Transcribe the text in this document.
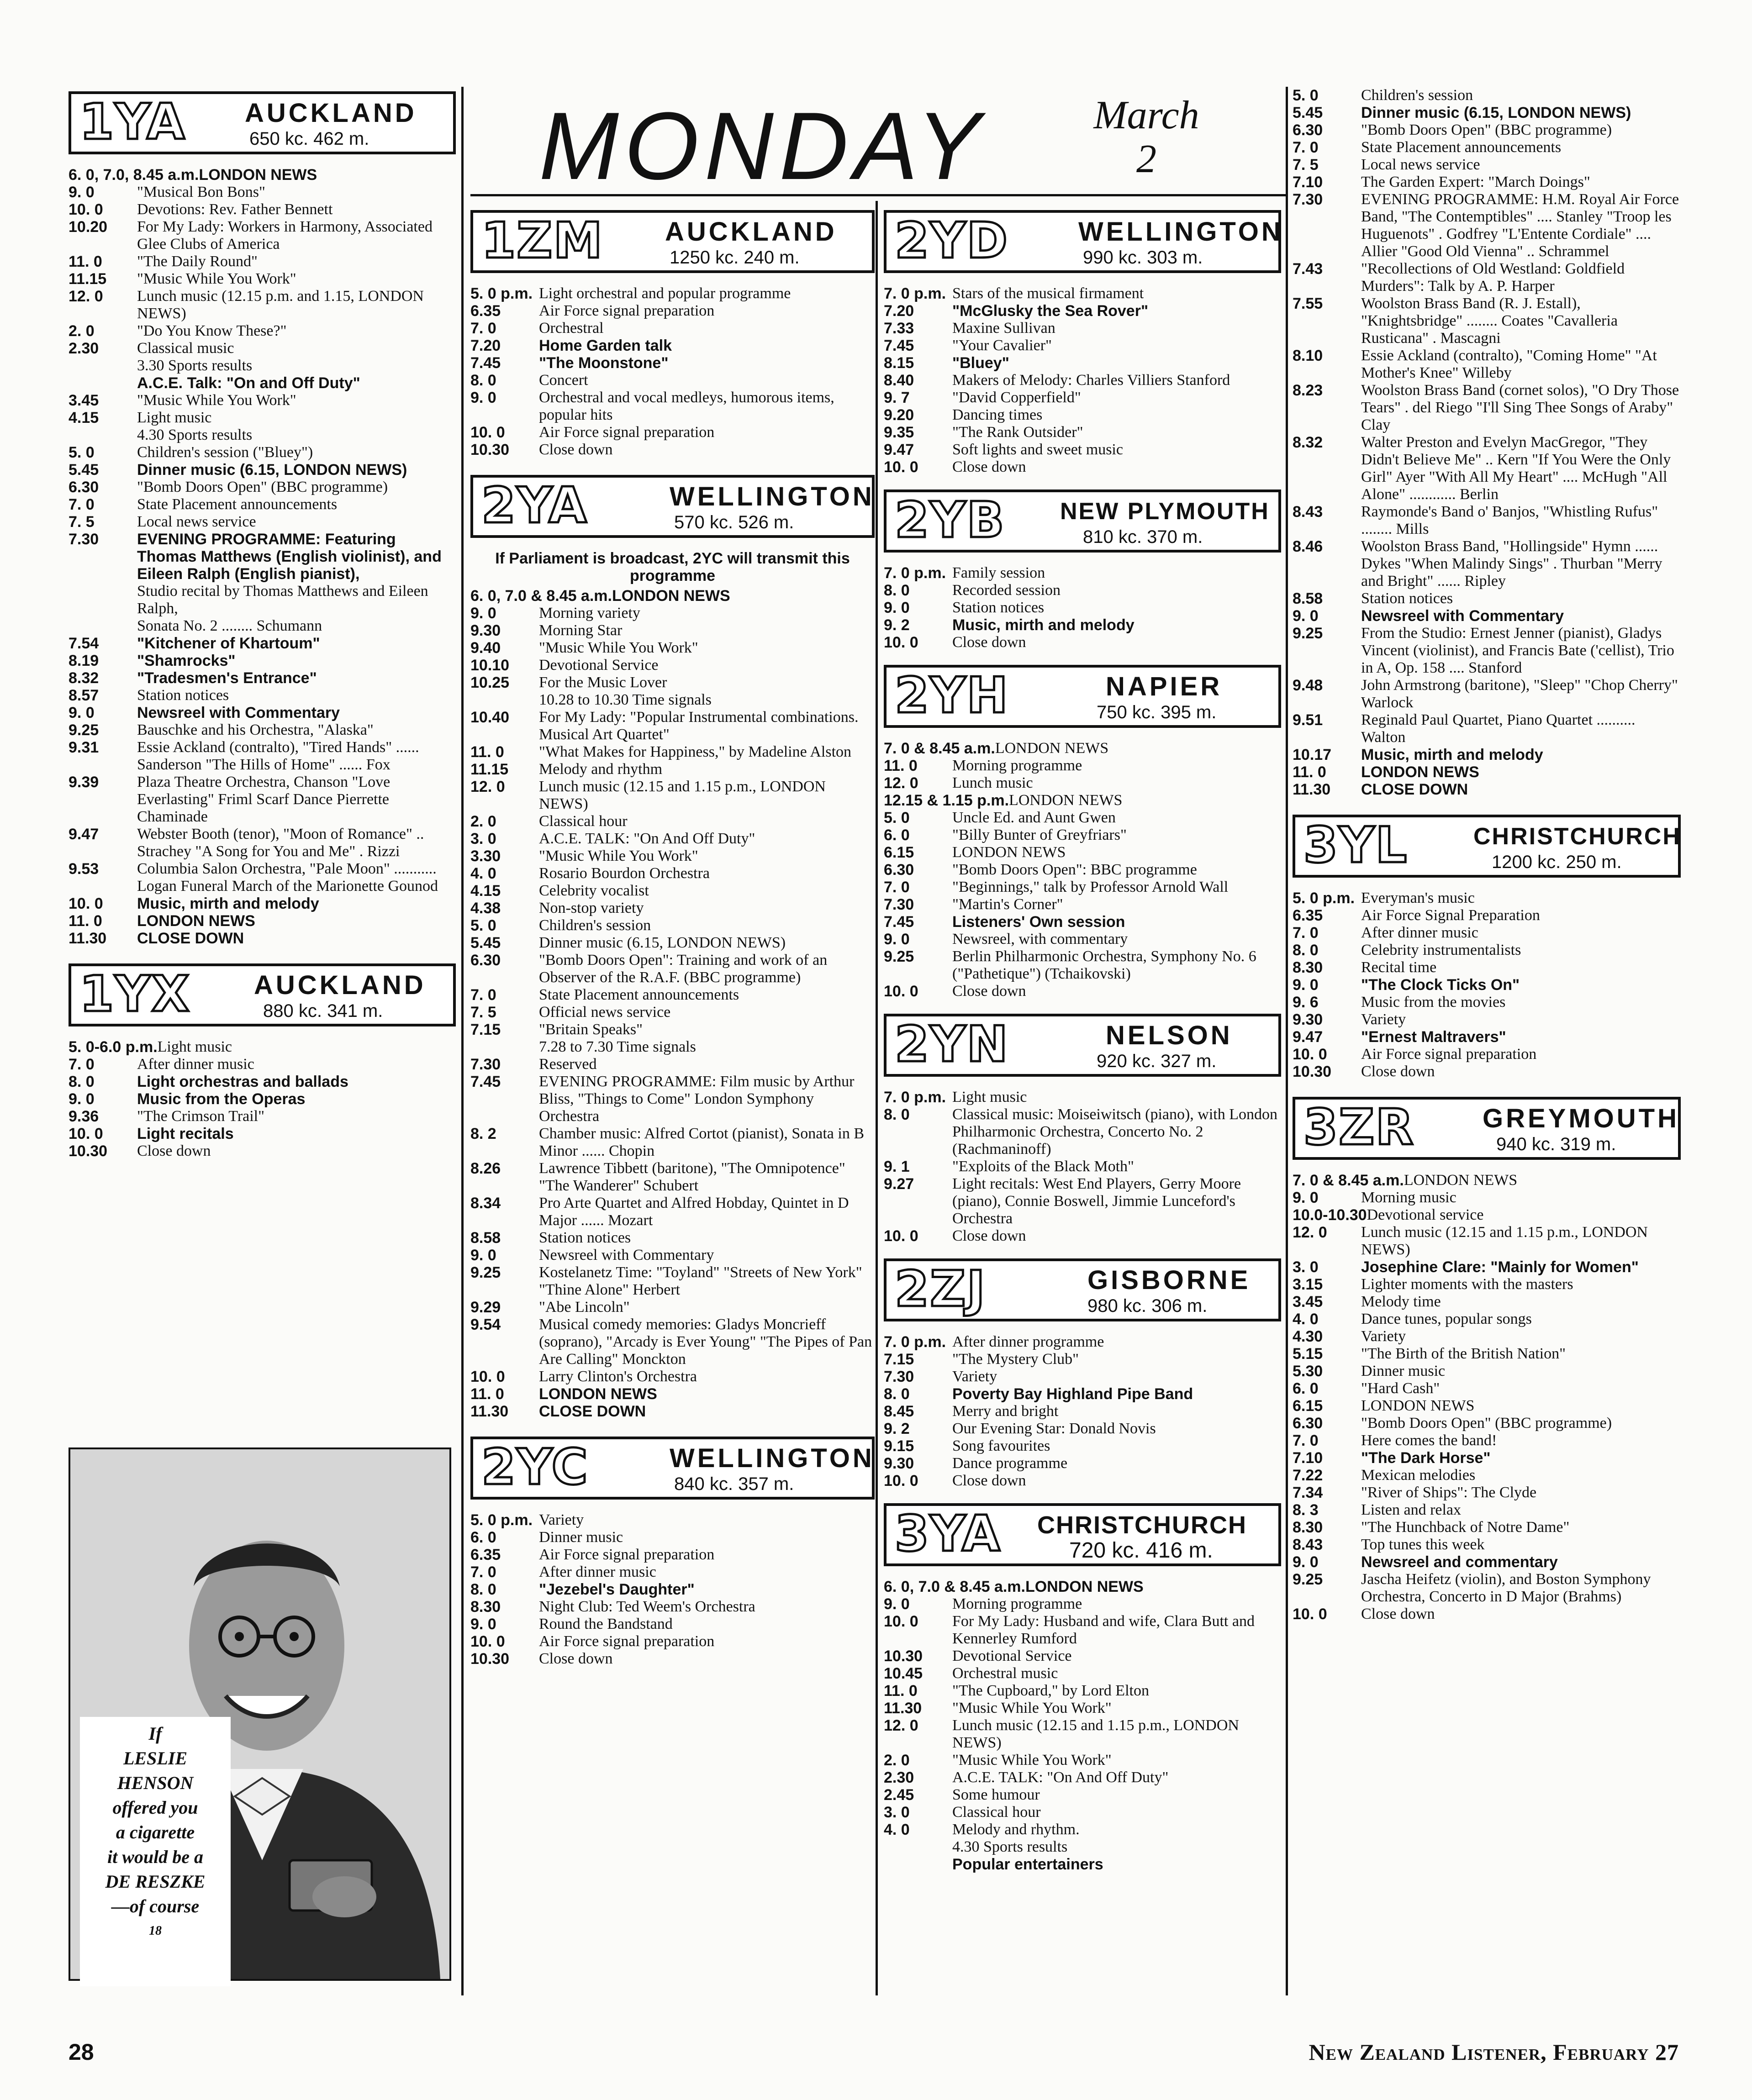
MONDAY	March
2
1YA AUCKLAND
650 kc. 462 m.
6. 0, 7.0, 8.45 a.m. LONDON NEWS
9. 0	"Musical Bon Bons"
10. 0	Devotions: Rev. Father Bennett
10.20	For My Lady: Workers in Harmony, Associated Glee Clubs of America
11. 0	"The Daily Round"
11.15	"Music While You Work"
12. 0	Lunch music (12.15 p.m. and 1.15, LONDON NEWS)
2. 0	"Do You Know These?"
2.30	Classical music
3.30 Sports results
A.C.E. Talk: "On and Off Duty"
3.45	"Music While You Work"
4.15	Light music
4.30 Sports results
5. 0	Children's session ("Bluey")
5.45	Dinner music (6.15, LONDON NEWS)
6.30	"Bomb Doors Open" (BBC programme)
7. 0	State Placement announcements
7. 5	Local news service
7.30	EVENING PROGRAMME: Featuring Thomas Matthews (English violinist), and Eileen Ralph (English pianist),
Studio recital by Thomas Matthews and Eileen Ralph,
Sonata No. 2 ........ Schumann
7.54	"Kitchener of Khartoum"
8.19	"Shamrocks"
8.32	"Tradesmen's Entrance"
8.57	Station notices
9. 0	Newsreel with Commentary
9.25	Bauschke and his Orchestra, "Alaska"
9.31	Essie Ackland (contralto), "Tired Hands" ...... Sanderson "The Hills of Home" ...... Fox
9.39	Plaza Theatre Orchestra, Chanson "Love Everlasting" Friml Scarf Dance Pierrette Chaminade
9.47	Webster Booth (tenor), "Moon of Romance" .. Strachey "A Song for You and Me" . Rizzi
9.53	Columbia Salon Orchestra, "Pale Moon" ........... Logan Funeral March of the Marionette Gounod
10. 0	Music, mirth and melody
11. 0	LONDON NEWS
11.30	CLOSE DOWN
1YX AUCKLAND
880 kc. 341 m.
5. 0-6.0 p.m. Light music
7. 0	After dinner music
8. 0	Light orchestras and ballads
9. 0	Music from the Operas
9.36	"The Crimson Trail"
10. 0	Light recitals
10.30	Close down
If
LESLIE
HENSON
offered you
a cigarette
it would be a
DE RESZKE
—of course
18
1ZM AUCKLAND
1250 kc. 240 m.
5. 0 p.m. Light orchestral and popular programme
6.35	Air Force signal preparation
7. 0	Orchestral
7.20	Home Garden talk
7.45	"The Moonstone"
8. 0	Concert
9. 0	Orchestral and vocal medleys, humorous items, popular hits
10. 0	Air Force signal preparation
10.30	Close down
2YA	WELLINGTON
570 kc. 526 m.
If Parliament is broadcast, 2YC will transmit this programme
6. 0, 7.0 & 8.45 a.m. LONDON NEWS
9. 0	Morning variety
9.30	Morning Star
9.40	"Music While You Work"
10.10	Devotional Service
10.25	For the Music Lover
10.28 to 10.30 Time signals
10.40	For My Lady: "Popular Instrumental combinations. Musical Art Quartet"
11. 0	"What Makes for Happiness," by Madeline Alston
11.15	Melody and rhythm
12. 0	Lunch music (12.15 and 1.15 p.m., LONDON NEWS)
2. 0	Classical hour
3. 0	A.C.E. TALK: "On And Off Duty"
3.30	"Music While You Work"
4. 0	Rosario Bourdon Orchestra
4.15	Celebrity vocalist
4.38	Non-stop variety
5. 0	Children's session
5.45	Dinner music (6.15, LONDON NEWS)
6.30	"Bomb Doors Open": Training and work of an Observer of the R.A.F. (BBC programme)
7. 0	State Placement announcements
7. 5	Official news service
7.15	"Britain Speaks"
7.28 to 7.30 Time signals
7.30	Reserved
7.45	EVENING PROGRAMME: Film music by Arthur Bliss, "Things to Come" London Symphony Orchestra
8. 2	Chamber music: Alfred Cortot (pianist), Sonata in B Minor ...... Chopin
8.26	Lawrence Tibbett (baritone), "The Omnipotence" "The Wanderer" Schubert
8.34	Pro Arte Quartet and Alfred Hobday, Quintet in D Major ...... Mozart
8.58	Station notices
9. 0	Newsreel with Commentary
9.25	Kostelanetz Time: "Toyland" "Streets of New York" "Thine Alone" Herbert
9.29	"Abe Lincoln"
9.54	Musical comedy memories: Gladys Moncrieff (soprano), "Arcady is Ever Young" "The Pipes of Pan Are Calling" Monckton
10. 0	Larry Clinton's Orchestra
11. 0	LONDON NEWS
11.30	CLOSE DOWN
2YC	WELLINGTON
840 kc. 357 m.
5. 0 p.m. Variety
6. 0	Dinner music
6.35	Air Force signal preparation
7. 0	After dinner music
8. 0	"Jezebel's Daughter"
8.30	Night Club: Ted Weem's Orchestra
9. 0	Round the Bandstand
10. 0	Air Force signal preparation
10.30	Close down
2YD	WELLINGTON
990 kc. 303 m.
7. 0 p.m. Stars of the musical firmament
7.20	"McGlusky the Sea Rover"
7.33	Maxine Sullivan
7.45	"Your Cavalier"
8.15	"Bluey"
8.40	Makers of Melody: Charles Villiers Stanford
9. 7	"David Copperfield"
9.20	Dancing times
9.35	"The Rank Outsider"
9.47	Soft lights and sweet music
10. 0	Close down
2YB NEW PLYMOUTH
810 kc. 370 m.
7. 0 p.m. Family session
8. 0	Recorded session
9. 0	Station notices
9. 2	Music, mirth and melody
10. 0	Close down
2YH	NAPIER
750 kc. 395 m.
7. 0 & 8.45 a.m. LONDON NEWS
11. 0	Morning programme
12. 0	Lunch music
12.15 & 1.15 p.m. LONDON NEWS
5. 0	Uncle Ed. and Aunt Gwen
6. 0	"Billy Bunter of Greyfriars"
6.15	LONDON NEWS
6.30	"Bomb Doors Open": BBC programme
7. 0	"Beginnings," talk by Professor Arnold Wall
7.30	"Martin's Corner"
7.45	Listeners' Own session
9. 0	Newsreel, with commentary
9.25	Berlin Philharmonic Orchestra, Symphony No. 6 ("Pathetique") (Tchaikovski)
10. 0	Close down
2YN	NELSON
920 kc. 327 m.
7. 0 p.m. Light music
8. 0	Classical music: Moiseiwitsch (piano), with London Philharmonic Orchestra, Concerto No. 2 (Rachmaninoff)
9. 1	"Exploits of the Black Moth"
9.27	Light recitals: West End Players, Gerry Moore (piano), Connie Boswell, Jimmie Lunceford's Orchestra
10. 0	Close down
2ZJ	GISBORNE
980 kc. 306 m.
7. 0 p.m. After dinner programme
7.15	"The Mystery Club"
7.30	Variety
8. 0	Poverty Bay Highland Pipe Band
8.45	Merry and bright
9. 2	Our Evening Star: Donald Novis
9.15	Song favourites
9.30	Dance programme
10. 0	Close down
3YA CHRISTCHURCH
720 kc. 416 m.
6. 0, 7.0 & 8.45 a.m. LONDON NEWS
9. 0	Morning programme
10. 0	For My Lady: Husband and wife, Clara Butt and Kennerley Rumford
10.30	Devotional Service
10.45	Orchestral music
11. 0	"The Cupboard," by Lord Elton
11.30	"Music While You Work"
12. 0	Lunch music (12.15 and 1.15 p.m., LONDON NEWS)
2. 0	"Music While You Work"
2.30	A.C.E. TALK: "On And Off Duty"
2.45	Some humour
3. 0	Classical hour
4. 0	Melody and rhythm.
4.30 Sports results
Popular entertainers
5. 0	Children's session
5.45	Dinner music (6.15, LONDON NEWS)
6.30	"Bomb Doors Open" (BBC programme)
7. 0	State Placement announcements
7. 5	Local news service
7.10	The Garden Expert: "March Doings"
7.30	EVENING PROGRAMME: H.M. Royal Air Force Band, "The Contemptibles" .... Stanley "Troop les Huguenots" . Godfrey "L'Entente Cordiale" .... Allier "Good Old Vienna" .. Schrammel
7.43	"Recollections of Old Westland: Goldfield Murders": Talk by A. P. Harper
7.55	Woolston Brass Band (R. J. Estall), "Knightsbridge" ........ Coates "Cavalleria Rusticana" . Mascagni
8.10	Essie Ackland (contralto), "Coming Home" "At Mother's Knee" Willeby
8.23	Woolston Brass Band (cornet solos), "O Dry Those Tears" . del Riego "I'll Sing Thee Songs of Araby" Clay
8.32	Walter Preston and Evelyn MacGregor, "They Didn't Believe Me" .. Kern "If You Were the Only Girl" Ayer "With All My Heart" .... McHugh "All Alone" ............ Berlin
8.43	Raymonde's Band o' Banjos, "Whistling Rufus" ........ Mills
8.46	Woolston Brass Band, "Hollingside" Hymn ...... Dykes "When Malindy Sings" . Thurban "Merry and Bright" ...... Ripley
8.58	Station notices
9. 0	Newsreel with Commentary
9.25	From the Studio: Ernest Jenner (pianist), Gladys Vincent (violinist), and Francis Bate ('cellist), Trio in A, Op. 158 .... Stanford
9.48	John Armstrong (baritone), "Sleep" "Chop Cherry" Warlock
9.51	Reginald Paul Quartet, Piano Quartet .......... Walton
10.17	Music, mirth and melody
11. 0	LONDON NEWS
11.30	CLOSE DOWN
3YL	CHRISTCHURCH
1200 kc. 250 m.
5. 0 p.m. Everyman's music
6.35	Air Force Signal Preparation
7. 0	After dinner music
8. 0	Celebrity instrumentalists
8.30	Recital time
9. 0	"The Clock Ticks On"
9. 6	Music from the movies
9.30	Variety
9.47	"Ernest Maltravers"
10. 0	Air Force signal preparation
10.30	Close down
3ZR	GREYMOUTH
940 kc. 319 m.
7. 0 & 8.45 a.m. LONDON NEWS
9. 0	Morning music
10.0-10.30 Devotional service
12. 0	Lunch music (12.15 and 1.15 p.m., LONDON NEWS)
3. 0	Josephine Clare: "Mainly for Women"
3.15	Lighter moments with the masters
3.45	Melody time
4. 0	Dance tunes, popular songs
4.30	Variety
5.15	"The Birth of the British Nation"
5.30	Dinner music
6. 0	"Hard Cash"
6.15	LONDON NEWS
6.30	"Bomb Doors Open" (BBC programme)
7. 0	Here comes the band!
7.10	"The Dark Horse"
7.22	Mexican melodies
7.34	"River of Ships": The Clyde
8. 3	Listen and relax
8.30	"The Hunchback of Notre Dame"
8.43	Top tunes this week
9. 0	Newsreel and commentary
9.25	Jascha Heifetz (violin), and Boston Symphony Orchestra, Concerto in D Major (Brahms)
10. 0	Close down
28	New Zealand Listener, February 27
